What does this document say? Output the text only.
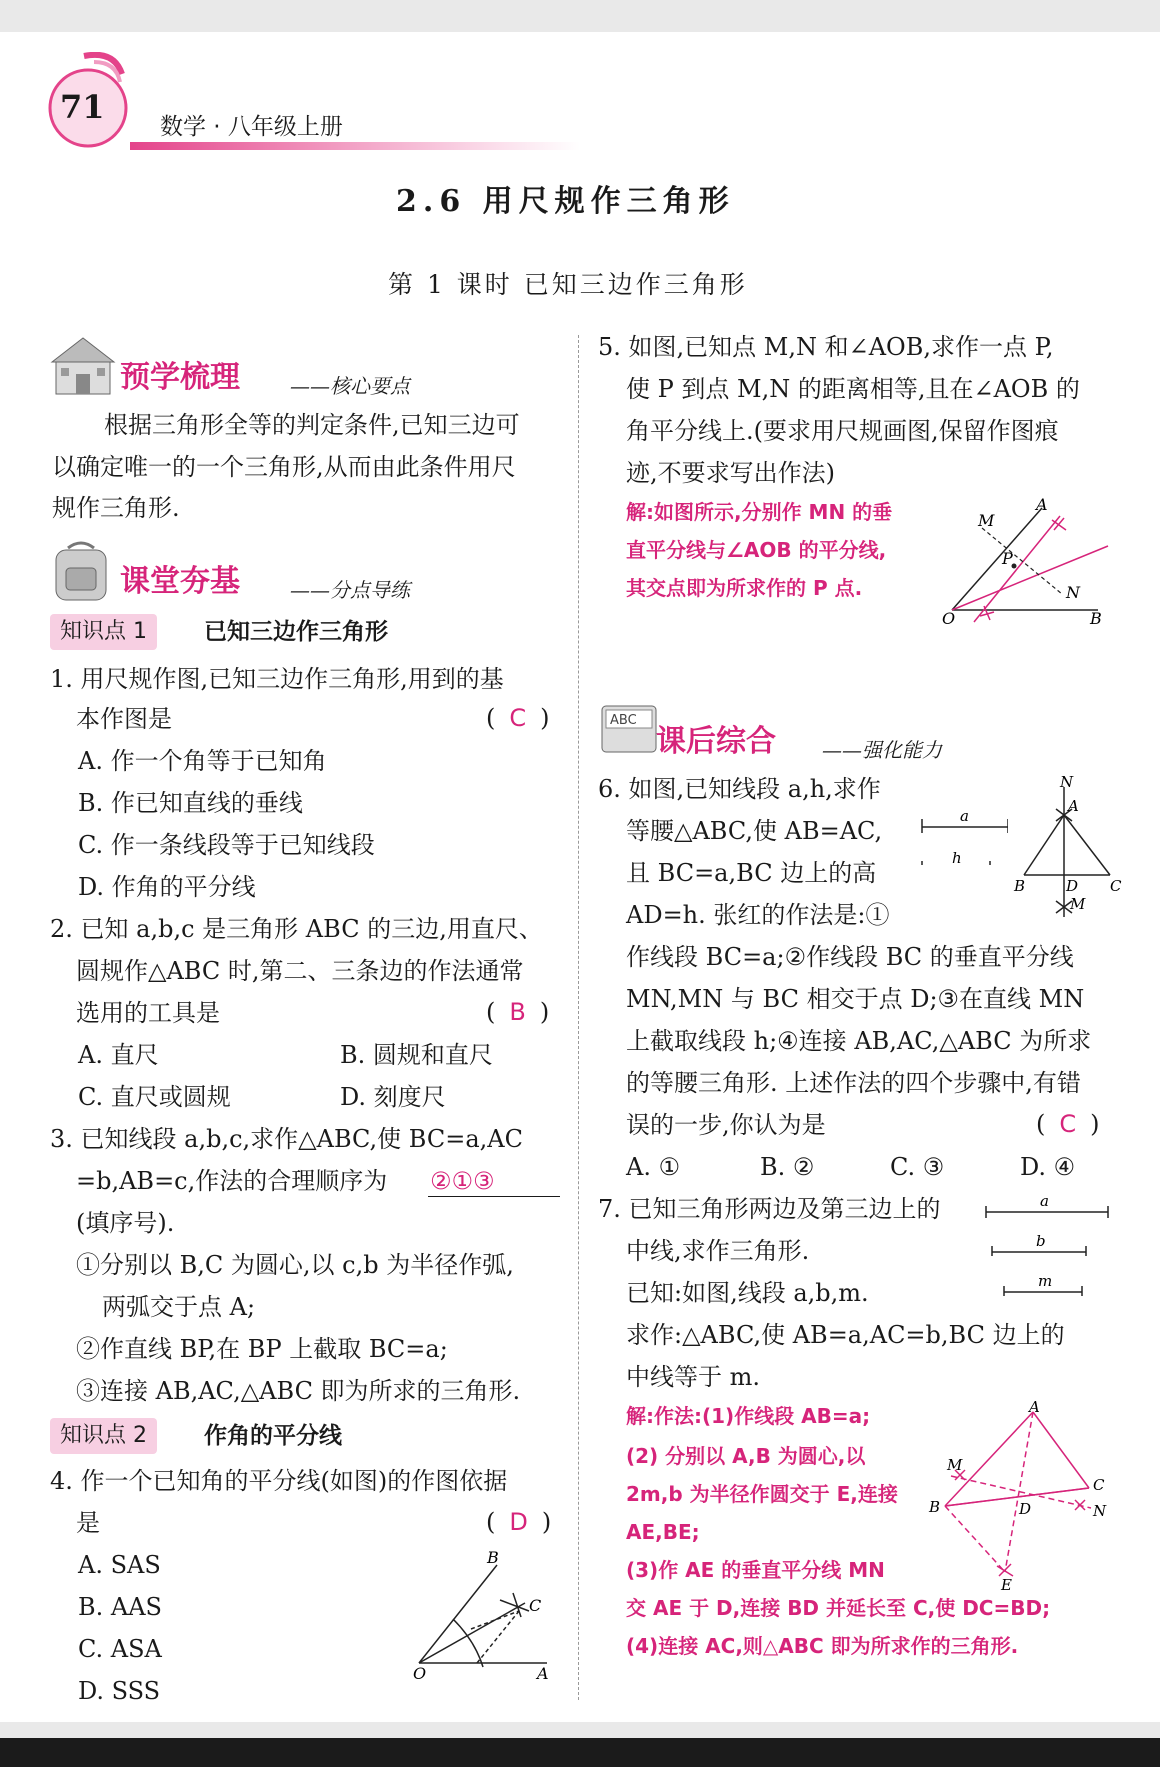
71
数学 · 八年级上册
2.6 用尺规作三角形
第 1 课时 已知三边作三角形
预学梳理	——核心要点
根据三角形全等的判定条件,已知三边可
以确定唯一的一个三角形,从而由此条件用尺
规作三角形.
课堂夯基	——分点导练
知识点 1	已知三边作三角形
1. 用尺规作图,已知三边作三角形,用到的基
本作图是	( C )
A. 作一个角等于已知角
B. 作已知直线的垂线
C. 作一条线段等于已知线段
D. 作角的平分线
2. 已知 a,b,c 是三角形 ABC 的三边,用直尺、
圆规作△ABC 时,第二、三条边的作法通常
选用的工具是	( B )
A. 直尺	B. 圆规和直尺
C. 直尺或圆规	D. 刻度尺
3. 已知线段 a,b,c,求作△ABC,使 BC=a,AC
=b,AB=c,作法的合理顺序为 ②①③
(填序号).
①分别以 B,C 为圆心,以 c,b 为半径作弧,
两弧交于点 A;
②作直线 BP,在 BP 上截取 BC=a;
③连接 AB,AC,△ABC 即为所求的三角形.
知识点 2	作角的平分线
4. 作一个已知角的平分线(如图)的作图依据
是	( D )
A. SAS
B. AAS
C. ASA
D. SSS
B
C
O	A
5. 如图,已知点 M,N 和∠AOB,求作一点 P,
使 P 到点 M,N 的距离相等,且在∠AOB 的
角平分线上.(要求用尺规画图,保留作图痕
迹,不要求写出作法)
解:如图所示,分别作 MN 的垂
直平分线与∠AOB 的平分线,
其交点即为所求作的 P 点.
M
A
P
N
O	B
ABC
课后综合 ——强化能力
6. 如图,已知线段 a,h,求作
等腰△ABC,使 AB=AC,
且 BC=a,BC 边上的高
AD=h. 张红的作法是:①
作线段 BC=a;②作线段 BC 的垂直平分线
MN,MN 与 BC 相交于点 D;③在直线 MN
上截取线段 h;④连接 AB,AC,△ABC 为所求
的等腰三角形. 上述作法的四个步骤中,有错
误的一步,你认为是	( C )
A. ①	B. ②	C. ③	D. ④
a
h
N
A
B	D C
M
7. 已知三角形两边及第三边上的
中线,求作三角形.
已知:如图,线段 a,b,m.
求作:△ABC,使 AB=a,AC=b,BC 边上的
中线等于 m.
a
b
m
解:作法:(1)作线段 AB=a;
(2) 分别以 A,B 为圆心,以
2m,b 为半径作圆交于 E,连接
AE,BE;
(3)作 AE 的垂直平分线 MN
交 AE 于 D,连接 BD 并延长至 C,使 DC=BD;
(4)连接 AC,则△ABC 即为所求作的三角形.
A
M
B	D
C
N
E
